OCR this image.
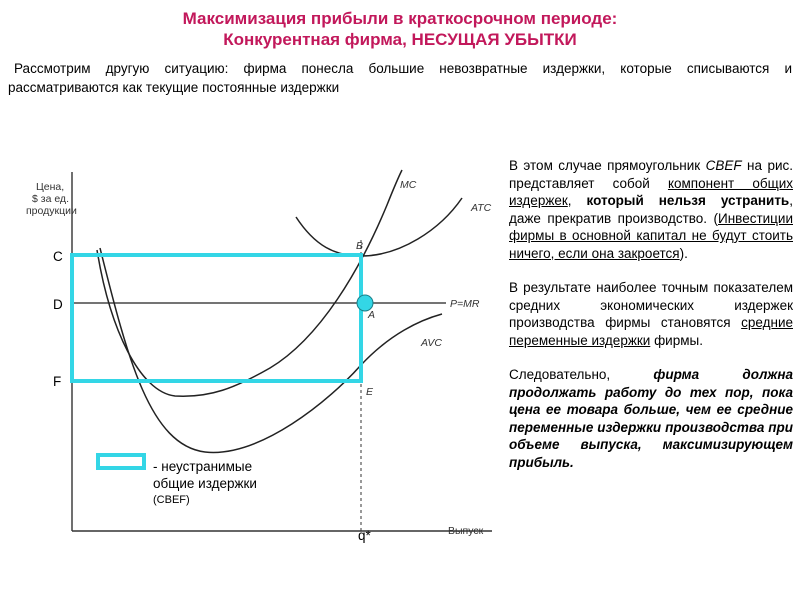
Максимизация прибыли в краткосрочном периоде:
Конкурентная фирма, НЕСУЩАЯ УБЫТКИ
Рассмотрим другую ситуацию: фирма понесла большие невозвратные издержки, которые списываются и рассматриваются как текущие постоянные издержки
Цена, $ за ед. продукции
Выпуск
P=MR
MC
AVC
ATC
B
A
E
C
D
F
q*
- неустранимые
общие издержки
(CBEF)

В этом случае прямоугольник CBEF на рис. представляет собой компонент общих издержек, который нельзя устранить, даже прекратив производство. (Инвестиции фирмы в основной капитал не будут стоить ничего, если она закроется).

В результате наиболее точным показателем средних экономических издержек производства фирмы становятся средние переменные издержки фирмы.

Следовательно, фирма должна продолжать работу до тех пор, пока цена ее товара больше, чем ее средние переменные издержки производства при объеме выпуска, максимизирующем прибыль.
